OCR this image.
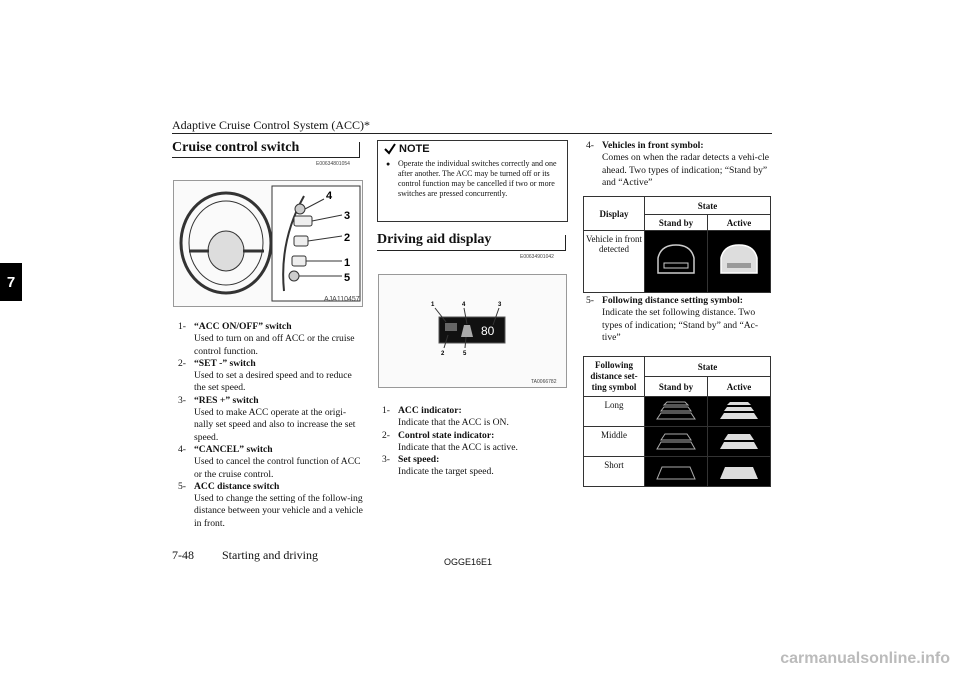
Adaptive Cruise Control System (ACC)*
7
Cruise control switch
E00634801054
4
3
2
1
5
AJA110457
1- “ACC ON/OFF” switch
Used to turn on and off ACC or the cruise control function.
2- “SET -” switch
Used to set a desired speed and to reduce the set speed.
3- “RES +” switch
Used to make ACC operate at the origi-nally set speed and also to increase the set speed.
4- “CANCEL” switch
Used to cancel the control function of ACC or the cruise control.
5- ACC distance switch
Used to change the setting of the follow-ing distance between your vehicle and a vehicle in front.
NOTE
● Operate the individual switches correctly and one after another. The ACC may be turned off or its control function may be cancelled if two or more switches are pressed concurrently.
Driving aid display
E00634901042
80
1	4	3
2	5
TA0066782
1- ACC indicator:
Indicate that the ACC is ON.
2- Control state indicator:
Indicate that the ACC is active.
3- Set speed:
Indicate the target speed.
4- Vehicles in front symbol:
Comes on when the radar detects a vehi-cle ahead. Two types of indication; “Stand by” and “Active”
Display	State	
	Stand by	Active
Vehicle in front detected		
5- Following distance setting symbol:
Indicate the set following distance. Two types of indication; “Stand by” and “Ac-tive”
Following distance set-ting symbol	State	
	Stand by	Active
Long		
Middle		
Short		
7-48 Starting and driving	OGGE16E1
carmanualsonline.info
